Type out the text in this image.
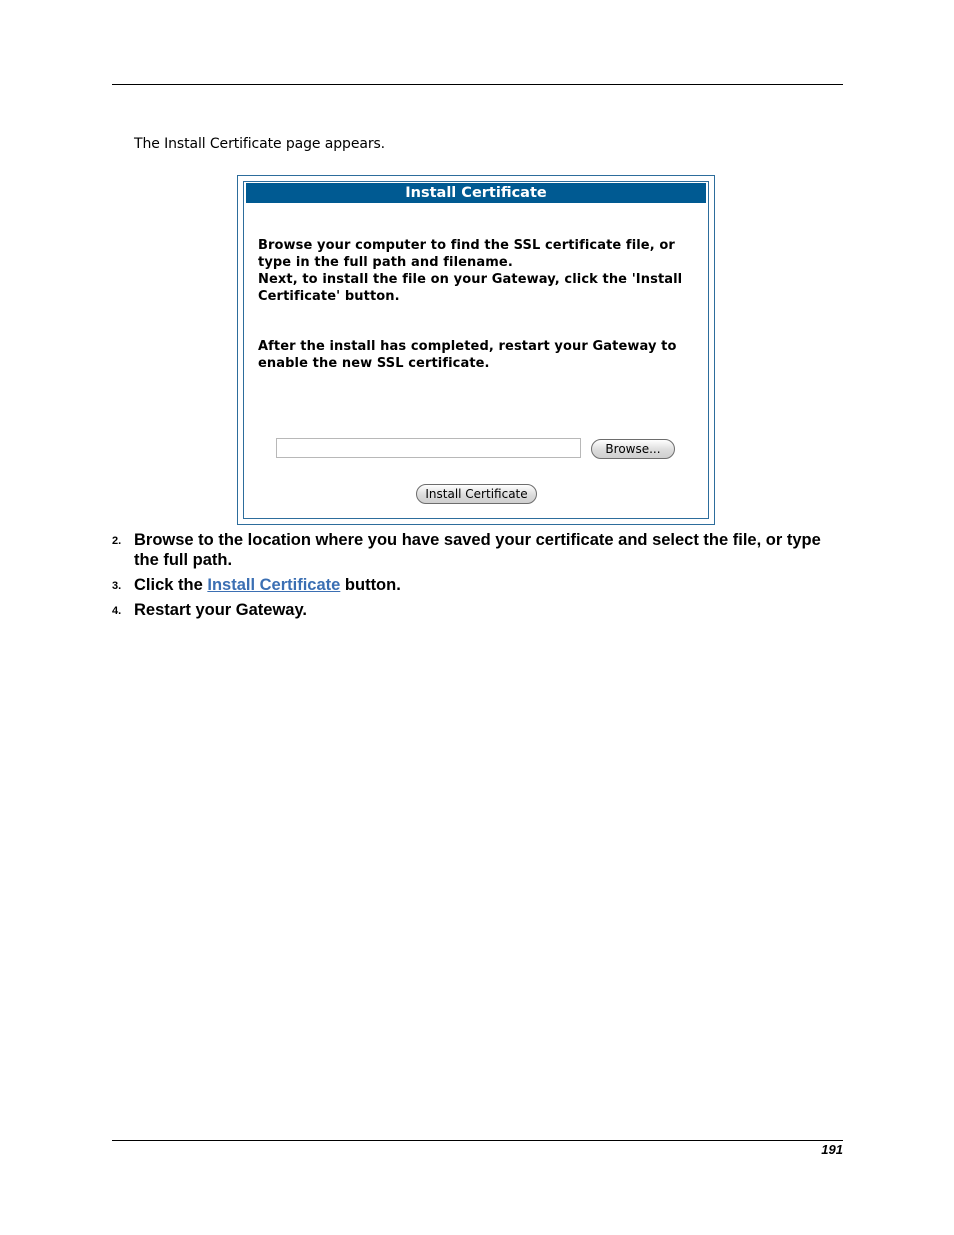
The Install Certificate page appears.
Install Certificate

Browse your computer to find the SSL certificate file, or type in the full path and filename.

Next, to install the file on your Gateway, click the 'Install Certificate' button.

After the install has completed, restart your Gateway to enable the new SSL certificate.
Browse...
Install Certificate
2. Browse to the location where you have saved your certificate and select the file, or type the full path.
3. Click the Install Certificate button.
4. Restart your Gateway.
191
